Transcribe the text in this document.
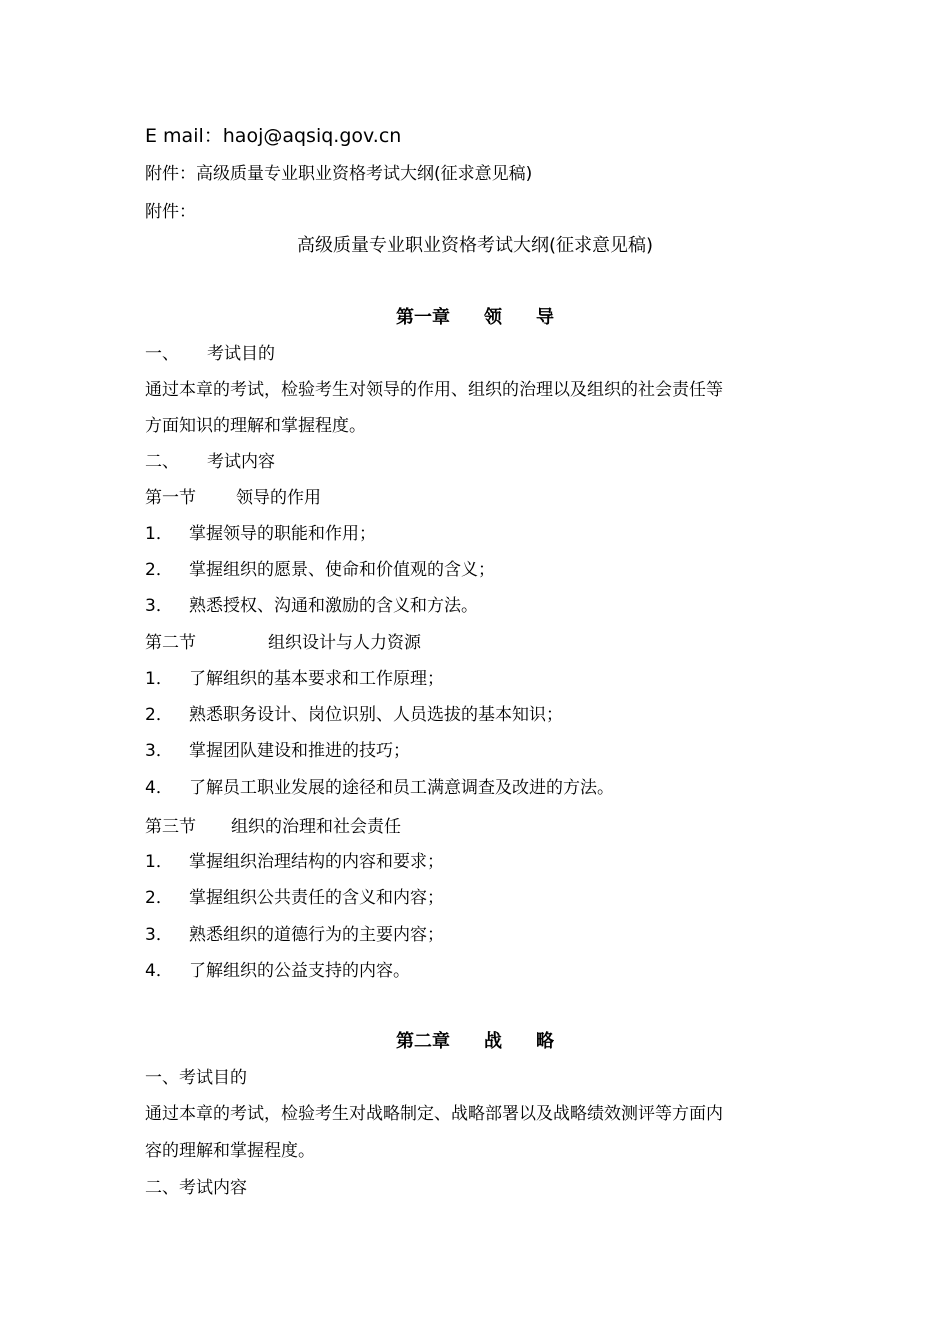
E mail：haoj@aqsiq.gov.cn
附件：高级质量专业职业资格考试大纲(征求意见稿)
附件：
高级质量专业职业资格考试大纲(征求意见稿)
第一章 领 导
一、 考试目的
通过本章的考试，检验考生对领导的作用、组织的治理以及组织的社会责任等
方面知识的理解和掌握程度。
二、 考试内容
第一节 领导的作用
1． 掌握领导的职能和作用；
2． 掌握组织的愿景、使命和价值观的含义；
3． 熟悉授权、沟通和激励的含义和方法。
第二节	组织设计与人力资源
1． 了解组织的基本要求和工作原理；
2． 熟悉职务设计、岗位识别、人员选拔的基本知识；
3． 掌握团队建设和推进的技巧；
4． 了解员工职业发展的途径和员工满意调查及改进的方法。
第三节 组织的治理和社会责任
1． 掌握组织治理结构的内容和要求；
2． 掌握组织公共责任的含义和内容；
3． 熟悉组织的道德行为的主要内容；
4． 了解组织的公益支持的内容。
第二章 战 略
一、考试目的
通过本章的考试，检验考生对战略制定、战略部署以及战略绩效测评等方面内
容的理解和掌握程度。
二、考试内容
